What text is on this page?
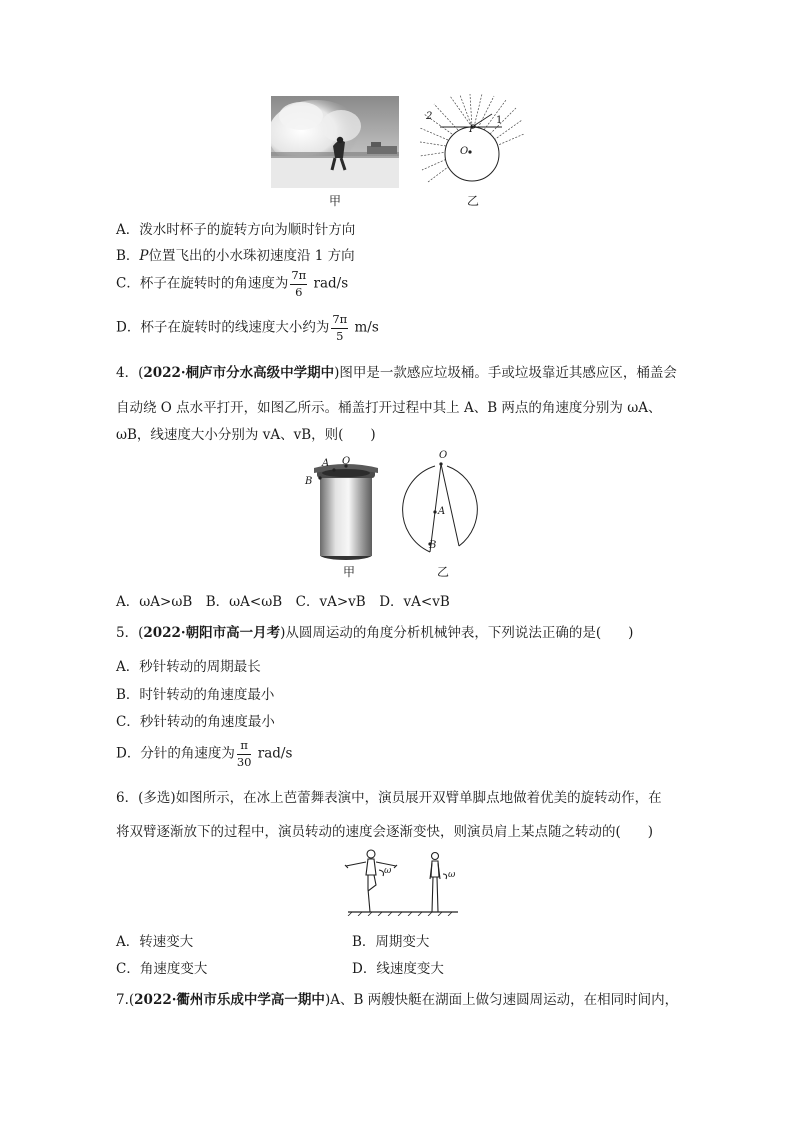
甲
2	1
P
O
乙
A．泼水时杯子的旋转方向为顺时针方向
B．P位置飞出的小水珠初速度沿 1 方向
C．杯子在旋转时的角速度为 $\frac{7\pi}{6} rad/s$
D．杯子在旋转时的线速度大小约为 $\frac{7\pi}{5} m/s$
4．(2022·桐庐市分水高级中学期中)图甲是一款感应垃圾桶。手或垃圾靠近其感应区，桶盖会
自动绕 O 点水平打开，如图乙所示。桶盖打开过程中其上 A、B 两点的角速度分别为 ωA、
ωB，线速度大小分别为 vA、vB，则(　　)
A O
B
甲
O
A
B
乙
A．ωA>ωB　B．ωA<ωB　C．vA>vB　D．vA<vB
5．(2022·朝阳市高一月考)从圆周运动的角度分析机械钟表，下列说法正确的是(　　)
A．秒针转动的周期最长
B．时针转动的角速度最小
C．秒针转动的角速度最小
D．分针的角速度为 $\frac{\pi}{30} rad/s$
6．(多选)如图所示，在冰上芭蕾舞表演中，演员展开双臂单脚点地做着优美的旋转动作，在
将双臂逐渐放下的过程中，演员转动的速度会逐渐变快，则演员肩上某点随之转动的(　　)
ω	ω
A．转速变大	B．周期变大
C．角速度变大	D．线速度变大
7.(2022·衢州市乐成中学高一期中)A、B 两艘快艇在湖面上做匀速圆周运动，在相同时间内，
